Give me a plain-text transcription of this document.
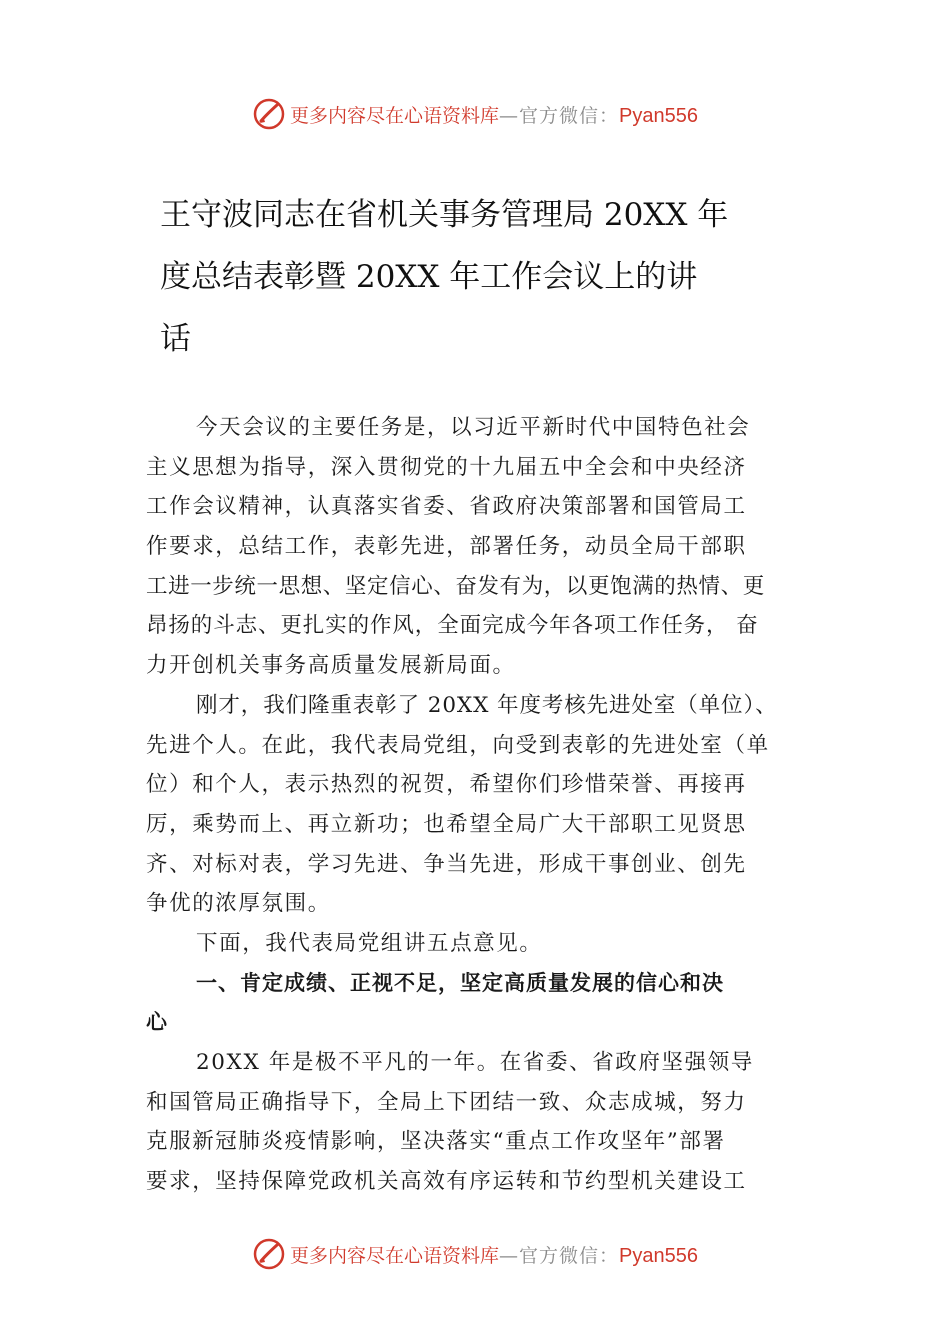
更多内容尽在心语资料库—官方微信：Pyan556
王守波同志在省机关事务管理局 20XX 年
度总结表彰暨 20XX 年工作会议上的讲
话
今天会议的主要任务是，以习近平新时代中国特色社会
主义思想为指导，深入贯彻党的十九届五中全会和中央经济
工作会议精神，认真落实省委、省政府决策部署和国管局工
作要求，总结工作，表彰先进，部署任务，动员全局干部职
工进一步统一思想、坚定信心、奋发有为，以更饱满的热情、更
昂扬的斗志、更扎实的作风，全面完成今年各项工作任务， 奋
力开创机关事务高质量发展新局面。
刚才，我们隆重表彰了 20XX 年度考核先进处室（单位）、
先进个人。在此，我代表局党组，向受到表彰的先进处室（单
位）和个人，表示热烈的祝贺，希望你们珍惜荣誉、再接再
厉，乘势而上、再立新功；也希望全局广大干部职工见贤思
齐、对标对表，学习先进、争当先进，形成干事创业、创先
争优的浓厚氛围。
下面，我代表局党组讲五点意见。
一、肯定成绩、正视不足，坚定高质量发展的信心和决
心
20XX 年是极不平凡的一年。在省委、省政府坚强领导
和国管局正确指导下，全局上下团结一致、众志成城，努力
克服新冠肺炎疫情影响，坚决落实“重点工作攻坚年”部署
要求，坚持保障党政机关高效有序运转和节约型机关建设工
更多内容尽在心语资料库—官方微信：Pyan556
